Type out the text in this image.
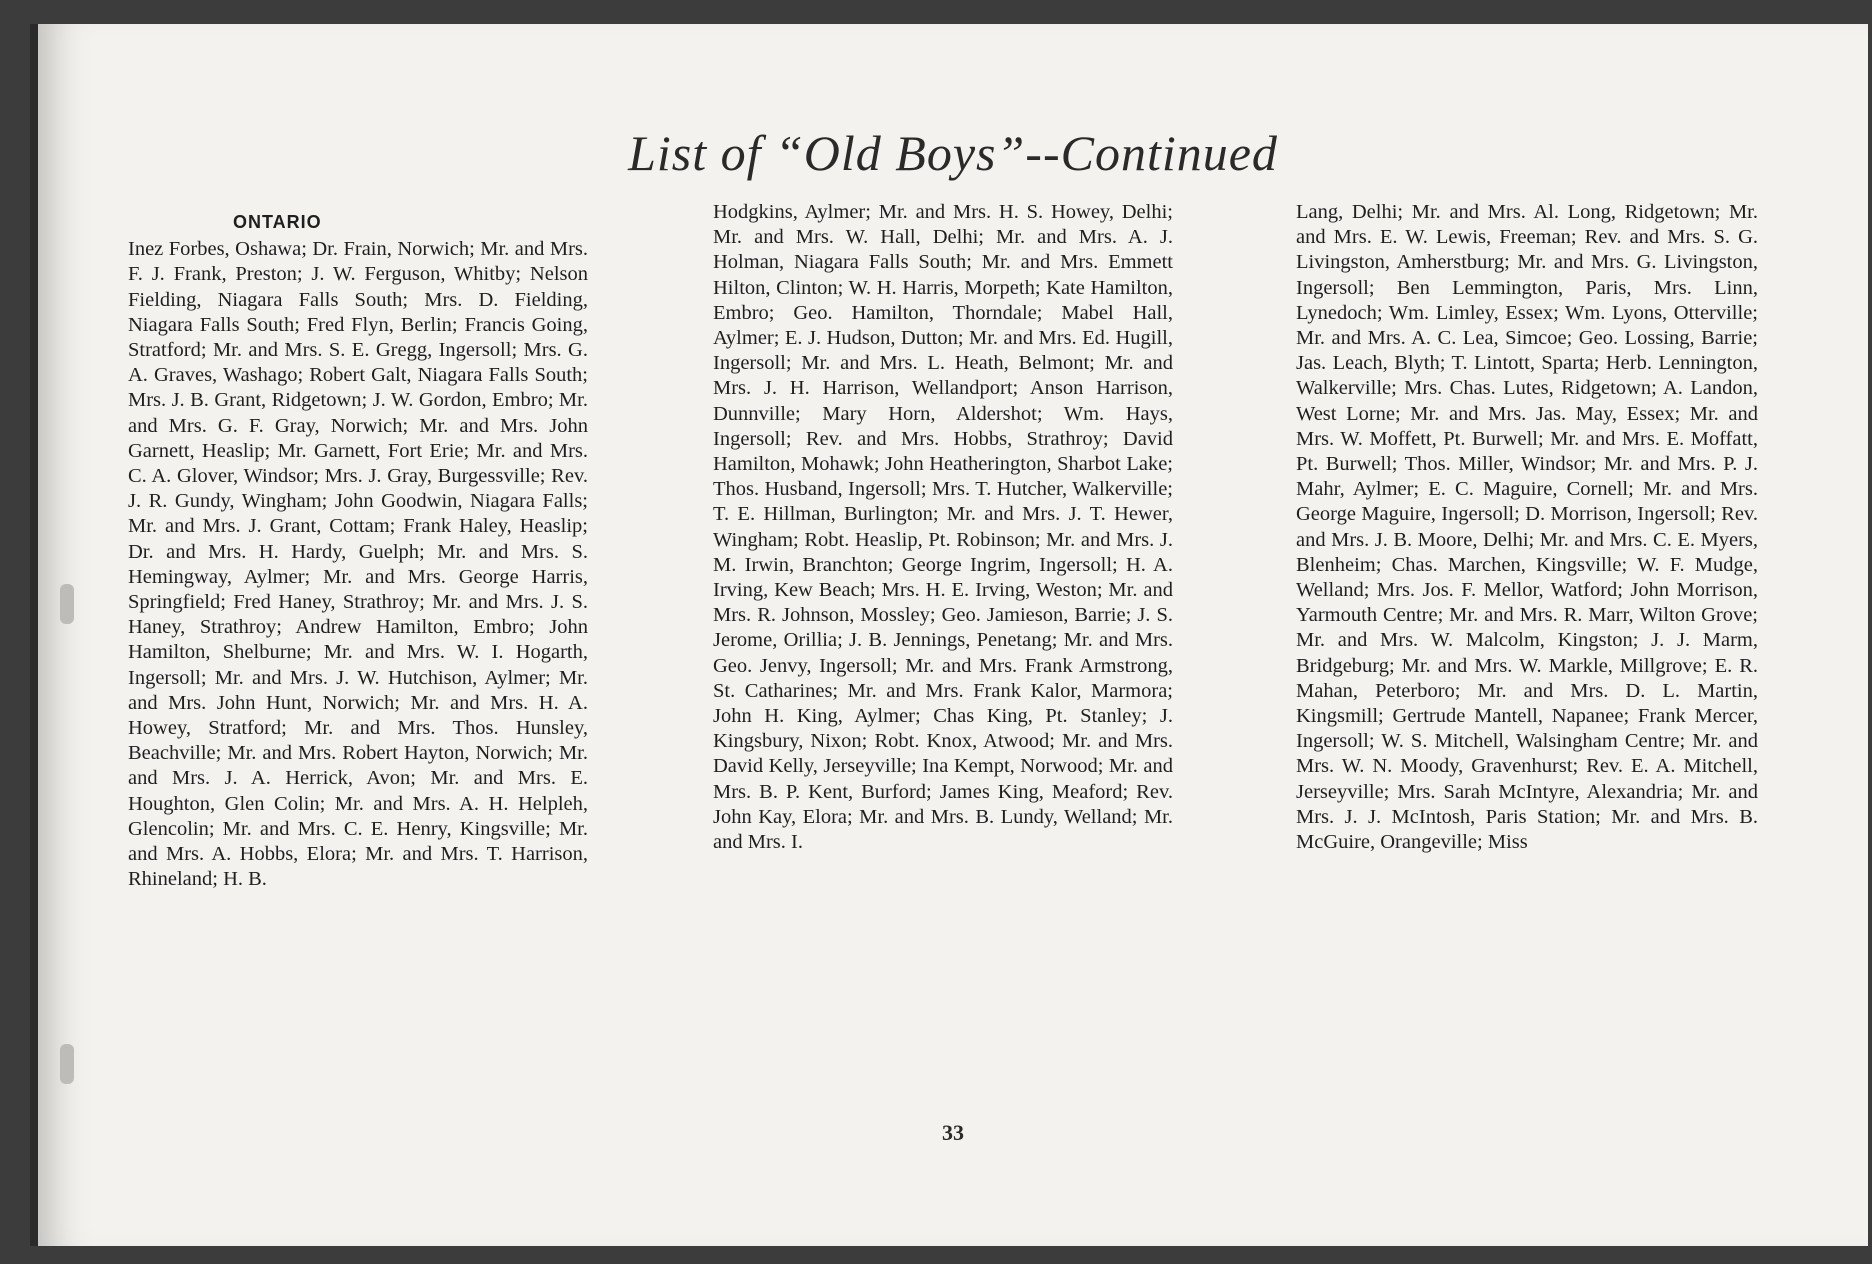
List of “Old Boys”--Continued
ONTARIO
Inez Forbes, Oshawa; Dr. Frain, Norwich; Mr. and Mrs. F. J. Frank, Preston; J. W. Ferguson, Whitby; Nelson Fielding, Niagara Falls South; Mrs. D. Fielding, Niagara Falls South; Fred Flyn, Berlin; Francis Going, Stratford; Mr. and Mrs. S. E. Gregg, Ingersoll; Mrs. G. A. Graves, Washago; Robert Galt, Niagara Falls South; Mrs. J. B. Grant, Ridgetown; J. W. Gordon, Embro; Mr. and Mrs. G. F. Gray, Norwich; Mr. and Mrs. John Garnett, Heaslip; Mr. Garnett, Fort Erie; Mr. and Mrs. C. A. Glover, Windsor; Mrs. J. Gray, Burgessville; Rev. J. R. Gundy, Wingham; John Goodwin, Niagara Falls; Mr. and Mrs. J. Grant, Cottam; Frank Haley, Heaslip; Dr. and Mrs. H. Hardy, Guelph; Mr. and Mrs. S. Hemingway, Aylmer; Mr. and Mrs. George Harris, Springfield; Fred Haney, Strathroy; Mr. and Mrs. J. S. Haney, Strathroy; Andrew Hamilton, Embro; John Hamilton, Shelburne; Mr. and Mrs. W. I. Hogarth, Ingersoll; Mr. and Mrs. J. W. Hutchison, Aylmer; Mr. and Mrs. John Hunt, Norwich; Mr. and Mrs. H. A. Howey, Stratford; Mr. and Mrs. Thos. Hunsley, Beachville; Mr. and Mrs. Robert Hayton, Norwich; Mr. and Mrs. J. A. Herrick, Avon; Mr. and Mrs. E. Houghton, Glen Colin; Mr. and Mrs. A. H. Helpleh, Glencolin; Mr. and Mrs. C. E. Henry, Kingsville; Mr. and Mrs. A. Hobbs, Elora; Mr. and Mrs. T. Harrison, Rhineland; H. B.
Hodgkins, Aylmer; Mr. and Mrs. H. S. Howey, Delhi; Mr. and Mrs. W. Hall, Delhi; Mr. and Mrs. A. J. Holman, Niagara Falls South; Mr. and Mrs. Emmett Hilton, Clinton; W. H. Harris, Morpeth; Kate Hamilton, Embro; Geo. Hamilton, Thorndale; Mabel Hall, Aylmer; E. J. Hudson, Dutton; Mr. and Mrs. Ed. Hugill, Ingersoll; Mr. and Mrs. L. Heath, Belmont; Mr. and Mrs. J. H. Harrison, Wellandport; Anson Harrison, Dunnville; Mary Horn, Aldershot; Wm. Hays, Ingersoll; Rev. and Mrs. Hobbs, Strathroy; David Hamilton, Mohawk; John Heatherington, Sharbot Lake; Thos. Husband, Ingersoll; Mrs. T. Hutcher, Walkerville; T. E. Hillman, Burlington; Mr. and Mrs. J. T. Hewer, Wingham; Robt. Heaslip, Pt. Robinson; Mr. and Mrs. J. M. Irwin, Branchton; George Ingrim, Ingersoll; H. A. Irving, Kew Beach; Mrs. H. E. Irving, Weston; Mr. and Mrs. R. Johnson, Mossley; Geo. Jamieson, Barrie; J. S. Jerome, Orillia; J. B. Jennings, Penetang; Mr. and Mrs. Geo. Jenvy, Ingersoll; Mr. and Mrs. Frank Armstrong, St. Catharines; Mr. and Mrs. Frank Kalor, Marmora; John H. King, Aylmer; Chas King, Pt. Stanley; J. Kingsbury, Nixon; Robt. Knox, Atwood; Mr. and Mrs. David Kelly, Jerseyville; Ina Kempt, Norwood; Mr. and Mrs. B. P. Kent, Burford; James King, Meaford; Rev. John Kay, Elora; Mr. and Mrs. B. Lundy, Welland; Mr. and Mrs. I.
Lang, Delhi; Mr. and Mrs. Al. Long, Ridgetown; Mr. and Mrs. E. W. Lewis, Freeman; Rev. and Mrs. S. G. Livingston, Amherstburg; Mr. and Mrs. G. Livingston, Ingersoll; Ben Lemmington, Paris, Mrs. Linn, Lynedoch; Wm. Limley, Essex; Wm. Lyons, Otterville; Mr. and Mrs. A. C. Lea, Simcoe; Geo. Lossing, Barrie; Jas. Leach, Blyth; T. Lintott, Sparta; Herb. Lennington, Walkerville; Mrs. Chas. Lutes, Ridgetown; A. Landon, West Lorne; Mr. and Mrs. Jas. May, Essex; Mr. and Mrs. W. Moffett, Pt. Burwell; Mr. and Mrs. E. Moffatt, Pt. Burwell; Thos. Miller, Windsor; Mr. and Mrs. P. J. Mahr, Aylmer; E. C. Maguire, Cornell; Mr. and Mrs. George Maguire, Ingersoll; D. Morrison, Ingersoll; Rev. and Mrs. J. B. Moore, Delhi; Mr. and Mrs. C. E. Myers, Blenheim; Chas. Marchen, Kingsville; W. F. Mudge, Welland; Mrs. Jos. F. Mellor, Watford; John Morrison, Yarmouth Centre; Mr. and Mrs. R. Marr, Wilton Grove; Mr. and Mrs. W. Malcolm, Kingston; J. J. Marm, Bridgeburg; Mr. and Mrs. W. Markle, Millgrove; E. R. Mahan, Peterboro; Mr. and Mrs. D. L. Martin, Kingsmill; Gertrude Mantell, Napanee; Frank Mercer, Ingersoll; W. S. Mitchell, Walsingham Centre; Mr. and Mrs. W. N. Moody, Gravenhurst; Rev. E. A. Mitchell, Jerseyville; Mrs. Sarah McIntyre, Alexandria; Mr. and Mrs. J. J. McIntosh, Paris Station; Mr. and Mrs. B. McGuire, Orangeville; Miss
33
